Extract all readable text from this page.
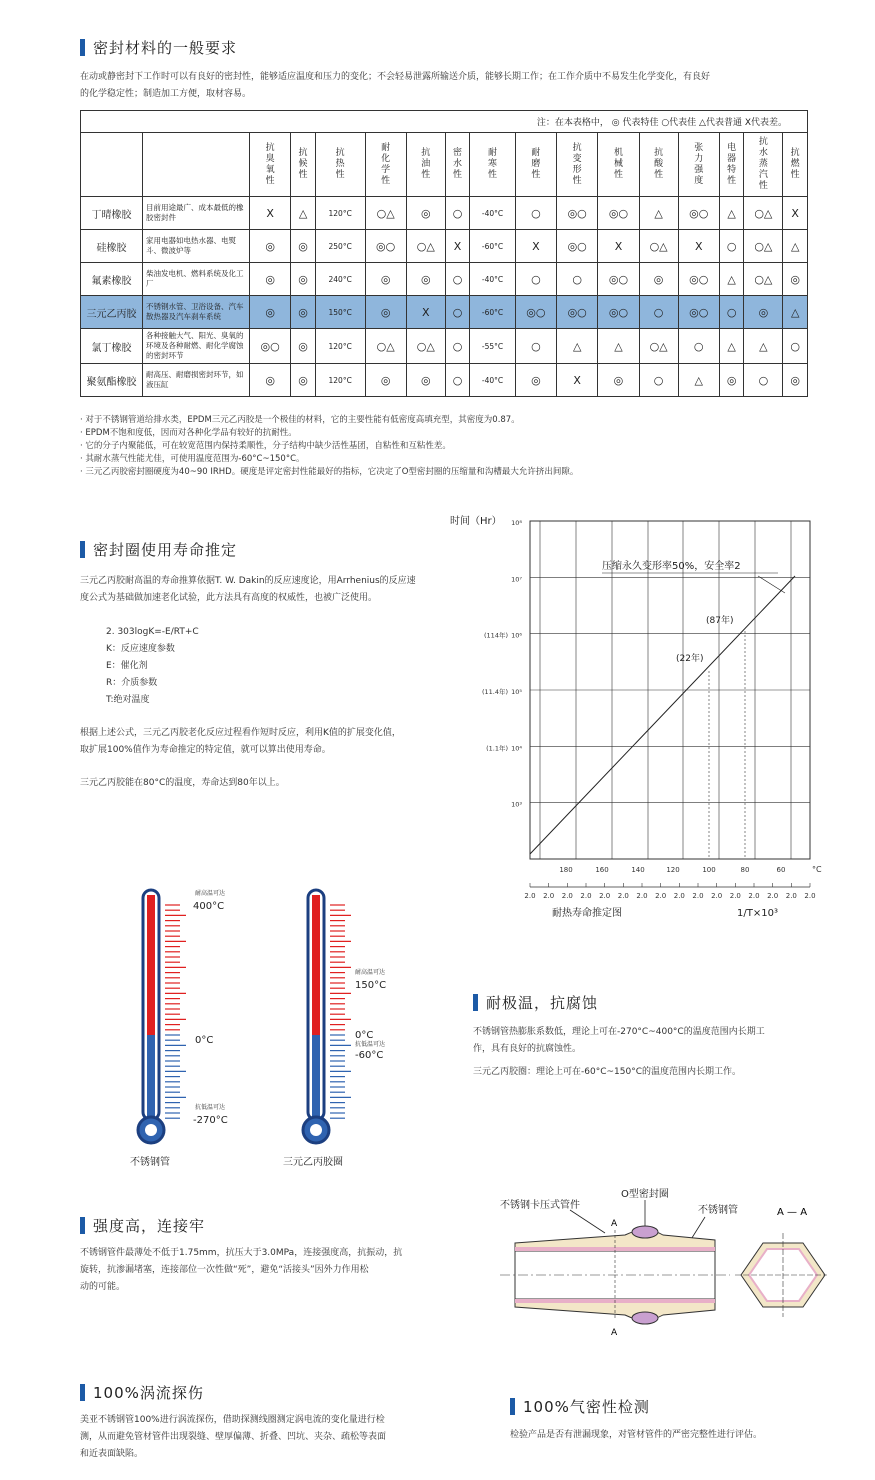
密封材料的一般要求
在动或静密封下工作时可以有良好的密封性，能够适应温度和压力的变化；不会轻易泄露所输送介质，能够长期工作；在工作介质中不易发生化学变化，有良好
的化学稳定性；制造加工方便，取材容易。
注：在本表格中， ◎ 代表特佳 ○代表佳 △代表普通 X代表差。																
		抗臭氧性	抗候性	抗热性	耐化学性	抗油性	密水性	耐寒性	耐磨性	抗变形性	机械性	抗酸性	张力强度	电器特性	抗水蒸汽性	抗燃性
丁晴橡胶	目前用途最广、成本最低的橡胶密封件	X	△	120°C	○△	◎	○	-40°C	○	◎○	◎○	△	◎○	△	○△	X
硅橡胶	家用电器如电热水器、电熨斗、微波炉等	◎	◎	250°C	◎○	○△	X	-60°C	X	◎○	X	○△	X	○	○△	△
氟素橡胶	柴油发电机、燃料系统及化工厂	◎	◎	240°C	◎	◎	○	-40°C	○	○	◎○	◎	◎○	△	○△	◎
三元乙丙胶	不锈钢水管、卫浴设备、汽车散热器及汽车刹车系统	◎	◎	150°C	◎	X	○	-60°C	◎○	◎○	◎○	○	◎○	○	◎	△
氯丁橡胶	各种接触大气、阳光、臭氧的环境及各种耐燃、耐化学腐蚀的密封环节	◎○	◎	120°C	○△	○△	○	-55°C	○	△	△	○△	○	△	△	○
聚氨酯橡胶	耐高压、耐磨损密封环节，如液压缸	◎	◎	120°C	◎	◎	○	-40°C	◎	X	◎	○	△	◎	○	◎
· 对于不锈钢管道给排水类，EPDM三元乙丙胶是一个极佳的材料，它的主要性能有低密度高填充型，其密度为0.87。
· EPDM不饱和度低，因而对各种化学品有较好的抗耐性。
· 它的分子内聚能低，可在较宽范围内保持柔顺性，分子结构中缺少活性基团，自粘性和互粘性差。
· 其耐水蒸气性能尤佳，可使用温度范围为-60°C~150°C。
· 三元乙丙胶密封圈硬度为40~90 IRHD。硬度是评定密封性能最好的指标，它决定了O型密封圈的压缩量和沟槽最大允许挤出间隙。
密封圈使用寿命推定
三元乙丙胶耐高温的寿命推算依据T. W. Dakin的反应速度论，用Arrhenius的反应速
度公式为基础做加速老化试验，此方法具有高度的权威性，也被广泛使用。
2. 303logK=-E/RT+C
K：反应速度参数
E：催化剂
R：介质参数
T:绝对温度
根据上述公式，三元乙丙胶老化反应过程看作短时反应，利用K值的扩展变化值，
取扩展100%值作为寿命推定的特定值，就可以算出使用寿命。
三元乙丙胶能在80°C的温度，寿命达到80年以上。
时间（Hr） 10⁸
10⁷
10⁶
(114年)
10⁵
(11.4年)
10⁴
(1.1年)
10³
180	160	140	120	100	80	60	°C
2.0 2.0 2.0 2.0 2.0 2.0 2.0 2.0 2.0 2.0 2.0 2.0 2.0 2.0 2.0 2.0
耐热寿命推定图	1/T×10³
压缩永久变形率50%，安全率2
(87年)
(22年)
耐极温，抗腐蚀
不锈钢管热膨胀系数低，理论上可在-270°C~400°C的温度范围内长期工
作，具有良好的抗腐蚀性。
三元乙丙胶圈：理论上可在-60°C~150°C的温度范围内长期工作。
耐高温可达
400°C
0°C
抗低温可达
-270°C
不锈钢管
耐高温可达
150°C
0°C
抗低温可达
-60°C
三元乙丙胶圈
强度高，连接牢
不锈钢管件最薄处不低于1.75mm，抗压大于3.0MPa，连接强度高，抗振动，抗
旋转，抗渗漏堵塞，连接部位一次性做“死”，避免“活接头”因外力作用松
动的可能。
不锈钢卡压式管件
O型密封圈
不锈钢管
A
A
A — A
100%涡流探伤
美亚不锈钢管100%进行涡流探伤，借助探测线圈测定涡电流的变化量进行检
测，从而避免管材管件出现裂缝、壁厚偏薄、折叠、凹坑、夹杂、疏松等表面
和近表面缺陷。
100%气密性检测
检验产品是否有泄漏现象，对管材管件的严密完整性进行评估。
